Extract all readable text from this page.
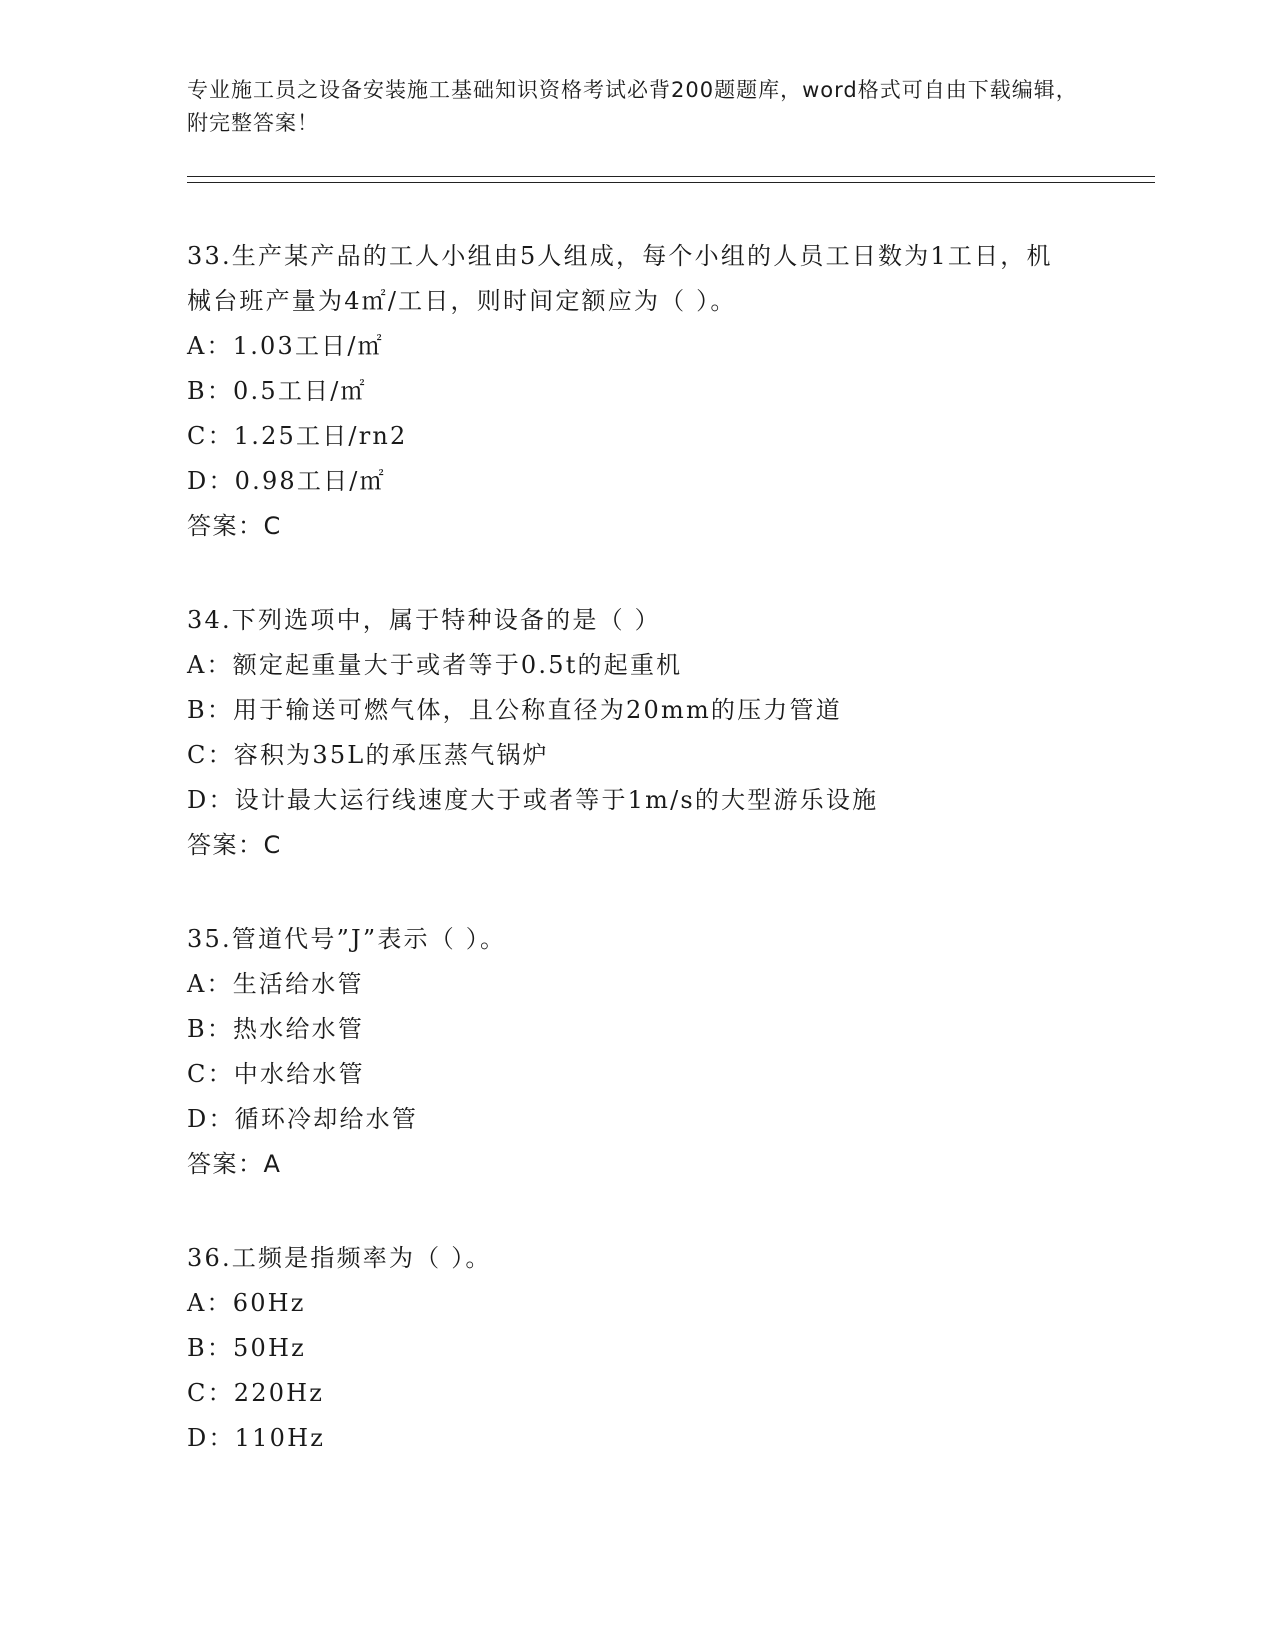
专业施工员之设备安装施工基础知识资格考试必背200题题库，word格式可自由下载编辑，附完整答案！

33.生产某产品的工人小组由5人组成，每个小组的人员工日数为1工日，机械台班产量为4㎡/工日，则时间定额应为（ ）。

A：1.03工日/㎡

B：0.5工日/㎡

C：1.25工日/rn2

D：0.98工日/㎡

答案：C

34.下列选项中，属于特种设备的是（ ）

A：额定起重量大于或者等于0.5t的起重机

B：用于输送可燃气体，且公称直径为20mm的压力管道

C：容积为35L的承压蒸气锅炉

D：设计最大运行线速度大于或者等于1m/s的大型游乐设施

答案：C

35.管道代号”J”表示（ ）。

A：生活给水管

B：热水给水管

C：中水给水管

D：循环冷却给水管

答案：A

36.工频是指频率为（ ）。

A：60Hz

B：50Hz

C：220Hz

D：110Hz
